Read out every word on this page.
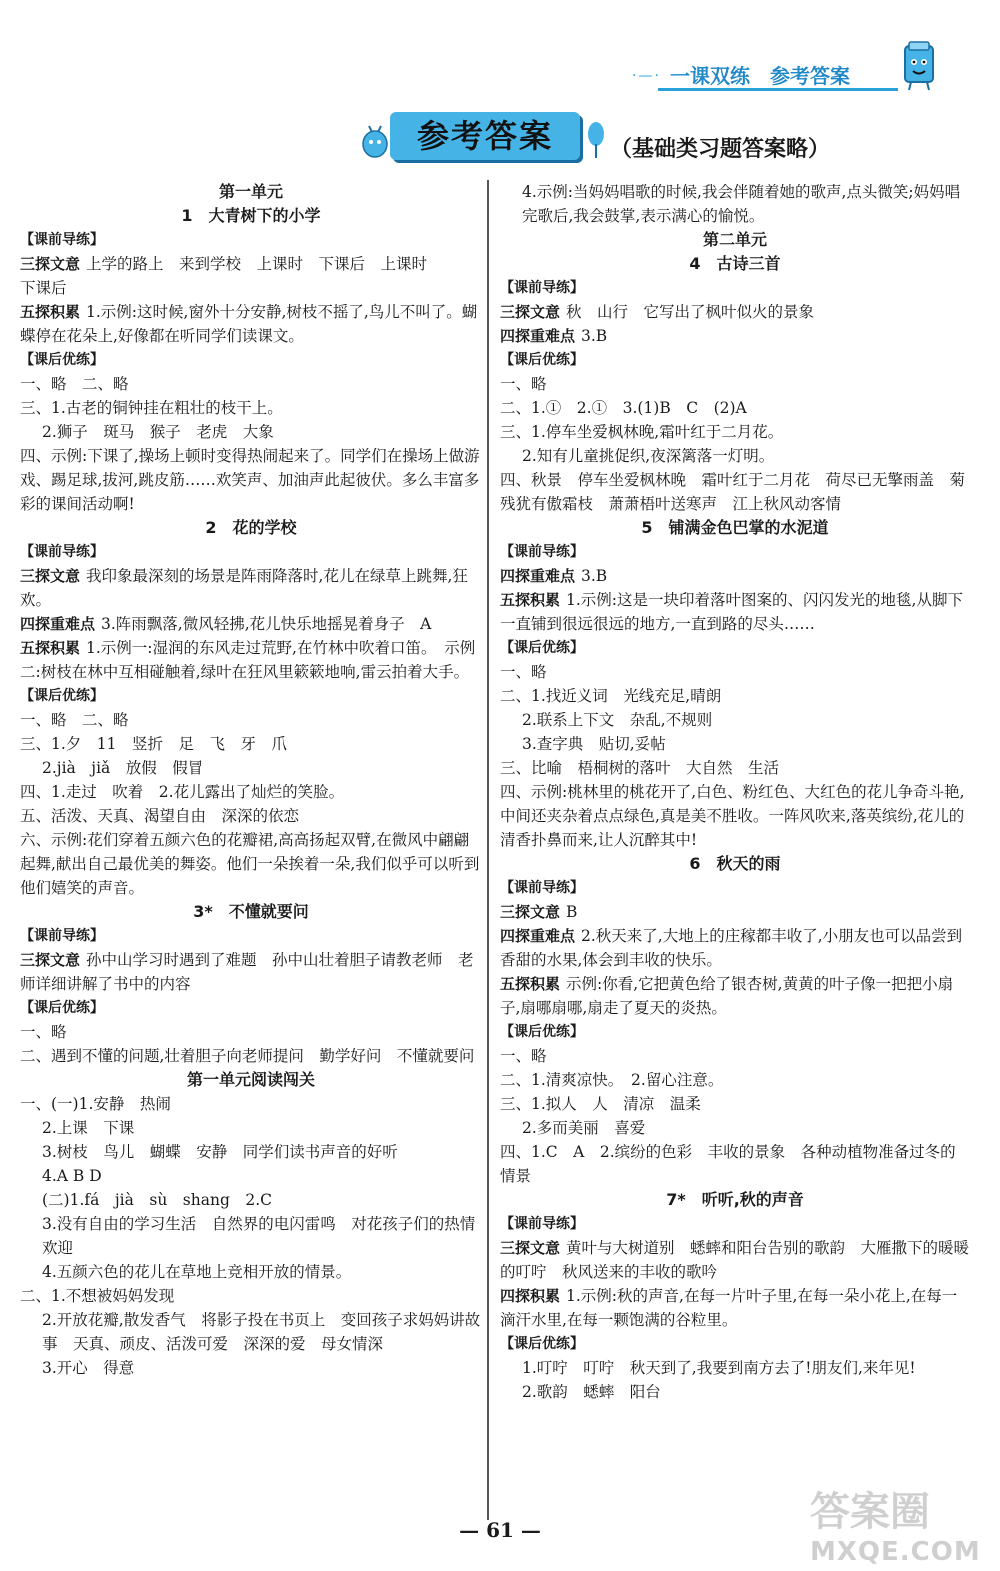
·—· 一课双练　参考答案
参考答案	（基础类习题答案略）
第一单元
1　大青树下的小学
【课前导练】
三探文意 上学的路上　来到学校　上课时　下课后　上课时
下课后
五探积累 1.示例:这时候,窗外十分安静,树枝不摇了,鸟儿不叫了。蝴蝶停在花朵上,好像都在听同学们读课文。
【课后优练】
一、略　二、略
三、1.古老的铜钟挂在粗壮的枝干上。
2.狮子　斑马　猴子　老虎　大象
四、示例:下课了,操场上顿时变得热闹起来了。同学们在操场上做游戏、踢足球,拔河,跳皮筋……欢笑声、加油声此起彼伏。多么丰富多彩的课间活动啊!
2　花的学校
【课前导练】
三探文意 我印象最深刻的场景是阵雨降落时,花儿在绿草上跳舞,狂欢。
四探重难点 3.阵雨飘落,微风轻拂,花儿快乐地摇晃着身子　A
五探积累 1.示例一:湿润的东风走过荒野,在竹林中吹着口笛。　示例二:树枝在林中互相碰触着,绿叶在狂风里簌簌地响,雷云拍着大手。
【课后优练】
一、略　二、略
三、1.夕　11　竖折　足　飞　牙　爪
2.jià　jiǎ　放假　假冒
四、1.走过　吹着　2.花儿露出了灿烂的笑脸。
五、活泼、天真、渴望自由　深深的依恋
六、示例:花们穿着五颜六色的花瓣裙,高高扬起双臂,在微风中翩翩起舞,献出自己最优美的舞姿。他们一朵挨着一朵,我们似乎可以听到他们嬉笑的声音。
3*　不懂就要问
【课前导练】
三探文意 孙中山学习时遇到了难题　孙中山壮着胆子请教老师　老师详细讲解了书中的内容
【课后优练】
一、略
二、遇到不懂的问题,壮着胆子向老师提问　勤学好问　不懂就要问
第一单元阅读闯关
一、(一)1.安静　热闹
2.上课　下课
3.树枝　鸟儿　蝴蝶　安静　同学们读书声音的好听
4.A B D
(二)1.fá　jià　sù　shang　2.C
3.没有自由的学习生活　自然界的电闪雷鸣　对花孩子们的热情欢迎
4.五颜六色的花儿在草地上竞相开放的情景。
二、1.不想被妈妈发现
2.开放花瓣,散发香气　将影子投在书页上　变回孩子求妈妈讲故事　天真、顽皮、活泼可爱　深深的爱　母女情深
3.开心　得意
4.示例:当妈妈唱歌的时候,我会伴随着她的歌声,点头微笑;妈妈唱完歌后,我会鼓掌,表示满心的愉悦。
第二单元
4　古诗三首
【课前导练】
三探文意 秋　山行　它写出了枫叶似火的景象
四探重难点 3.B
【课后优练】
一、略
二、1.①　2.①　3.(1)B　C　(2)A
三、1.停车坐爱枫林晚,霜叶红于二月花。
2.知有儿童挑促织,夜深篱落一灯明。
四、秋景　停车坐爱枫林晚　霜叶红于二月花　荷尽已无擎雨盖　菊残犹有傲霜枝　萧萧梧叶送寒声　江上秋风动客情
5　铺满金色巴掌的水泥道
【课前导练】
四探重难点 3.B
五探积累 1.示例:这是一块印着落叶图案的、闪闪发光的地毯,从脚下一直铺到很远很远的地方,一直到路的尽头……
【课后优练】
一、略
二、1.找近义词　光线充足,晴朗
2.联系上下文　杂乱,不规则
3.查字典　贴切,妥帖
三、比喻　梧桐树的落叶　大自然　生活
四、示例:桃林里的桃花开了,白色、粉红色、大红色的花儿争奇斗艳,中间还夹杂着点点绿色,真是美不胜收。一阵风吹来,落英缤纷,花儿的清香扑鼻而来,让人沉醉其中!
6　秋天的雨
【课前导练】
三探文意 B
四探重难点 2.秋天来了,大地上的庄稼都丰收了,小朋友也可以品尝到香甜的水果,体会到丰收的快乐。
五探积累 示例:你看,它把黄色给了银杏树,黄黄的叶子像一把把小扇子,扇哪扇哪,扇走了夏天的炎热。
【课后优练】
一、略
二、1.清爽凉快。　2.留心注意。
三、1.拟人　人　清凉　温柔
2.多而美丽　喜爱
四、1.C　A　2.缤纷的色彩　丰收的景象　各种动植物准备过冬的情景
7*　听听,秋的声音
【课前导练】
三探文意 黄叶与大树道别　蟋蟀和阳台告别的歌韵　大雁撒下的暖暖的叮咛　秋风送来的丰收的歌吟
四探积累 1.示例:秋的声音,在每一片叶子里,在每一朵小花上,在每一滴汗水里,在每一颗饱满的谷粒里。
【课后优练】
1.叮咛　叮咛　秋天到了,我要到南方去了!朋友们,来年见!
2.歌韵　蟋蟀　阳台
— 61 —	答案圈
MXQE.COM
